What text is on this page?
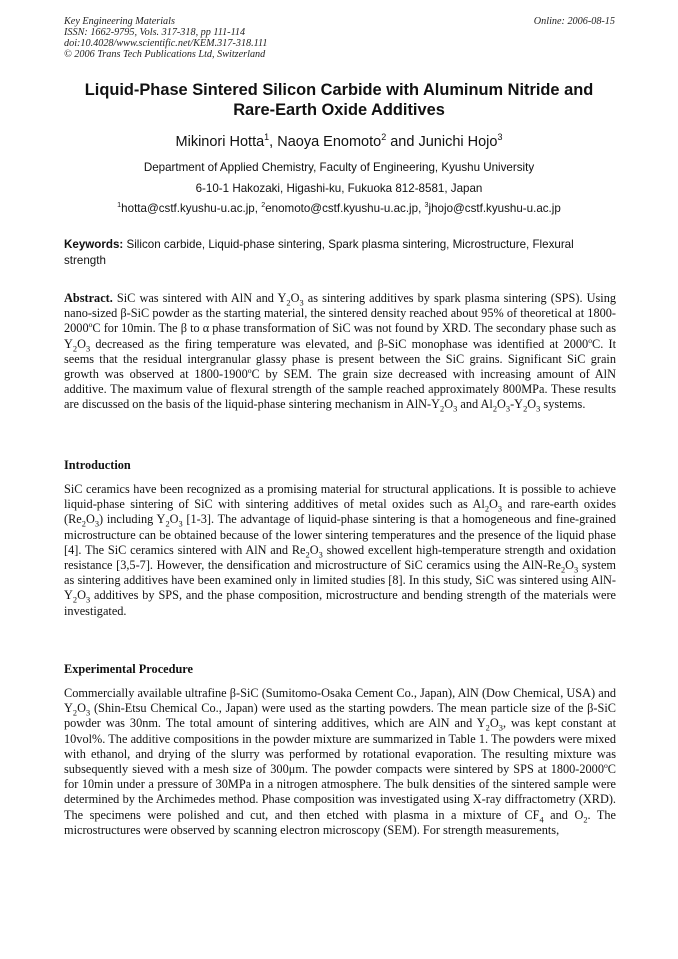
Key Engineering Materials
ISSN: 1662-9795, Vols. 317-318, pp 111-114
doi:10.4028/www.scientific.net/KEM.317-318.111
© 2006 Trans Tech Publications Ltd, Switzerland
Online: 2006-08-15
Liquid-Phase Sintered Silicon Carbide with Aluminum Nitride and
Rare-Earth Oxide Additives
Mikinori Hotta$^1$, Naoya Enomoto$^2$ and Junichi Hojo$^3$
Department of Applied Chemistry, Faculty of Engineering, Kyushu University
6-10-1 Hakozaki, Higashi-ku, Fukuoka 812-8581, Japan
$^1$hotta@cstf.kyushu-u.ac.jp, $^2$enomoto@cstf.kyushu-u.ac.jp, $^3$jhojo@cstf.kyushu-u.ac.jp
Keywords: Silicon carbide, Liquid-phase sintering, Spark plasma sintering, Microstructure, Flexural strength
Abstract. SiC was sintered with AlN and $Y_2O_3$ as sintering additives by spark plasma sintering (SPS). Using nano-sized β-SiC powder as the starting material, the sintered density reached about 95% of theoretical at 1800-2000$^o$C for 10min. The β to α phase transformation of SiC was not found by XRD. The secondary phase such as $Y_2O_3$ decreased as the firing temperature was elevated, and β-SiC monophase was identified at 2000$^o$C. It seems that the residual intergranular glassy phase is present between the SiC grains. Significant SiC grain growth was observed at 1800-1900$^o$C by SEM. The grain size decreased with increasing amount of AlN additive. The maximum value of flexural strength of the sample reached approximately 800MPa. These results are discussed on the basis of the liquid-phase sintering mechanism in AlN-$Y_2O_3$ and $Al_2O_3-Y_2O_3$ systems.
Introduction
SiC ceramics have been recognized as a promising material for structural applications. It is possible to achieve liquid-phase sintering of SiC with sintering additives of metal oxides such as $Al_2O_3$ and rare-earth oxides $(Re_2O_3)$ including $Y_2O_3$ [1-3]. The advantage of liquid-phase sintering is that a homogeneous and fine-grained microstructure can be obtained because of the lower sintering temperatures and the presence of the liquid phase [4]. The SiC ceramics sintered with AlN and $Re_2O_3$ showed excellent high-temperature strength and oxidation resistance [3,5-7]. However, the densification and microstructure of SiC ceramics using the AlN-$Re_2O_3$ system as sintering additives have been examined only in limited studies [8]. In this study, SiC was sintered using AlN-$Y_2O_3$ additives by SPS, and the phase composition, microstructure and bending strength of the materials were investigated.
Experimental Procedure
Commercially available ultrafine β-SiC (Sumitomo-Osaka Cement Co., Japan), AlN (Dow Chemical, USA) and $Y_2O_3$ (Shin-Etsu Chemical Co., Japan) were used as the starting powders. The mean particle size of the β-SiC powder was 30nm. The total amount of sintering additives, which are AlN and $Y_2O_3$, was kept constant at 10vol%. The additive compositions in the powder mixture are summarized in Table 1. The powders were mixed with ethanol, and drying of the slurry was performed by rotational evaporation. The resulting mixture was subsequently sieved with a mesh size of 300μm. The powder compacts were sintered by SPS at 1800-2000$^o$C for 10min under a pressure of 30MPa in a nitrogen atmosphere. The bulk densities of the sintered sample were determined by the Archimedes method. Phase composition was investigated using X-ray diffractometry (XRD). The specimens were polished and cut, and then etched with plasma in a mixture of $CF_4$ and $O_2$. The microstructures were observed by scanning electron microscopy (SEM). For strength measurements,
